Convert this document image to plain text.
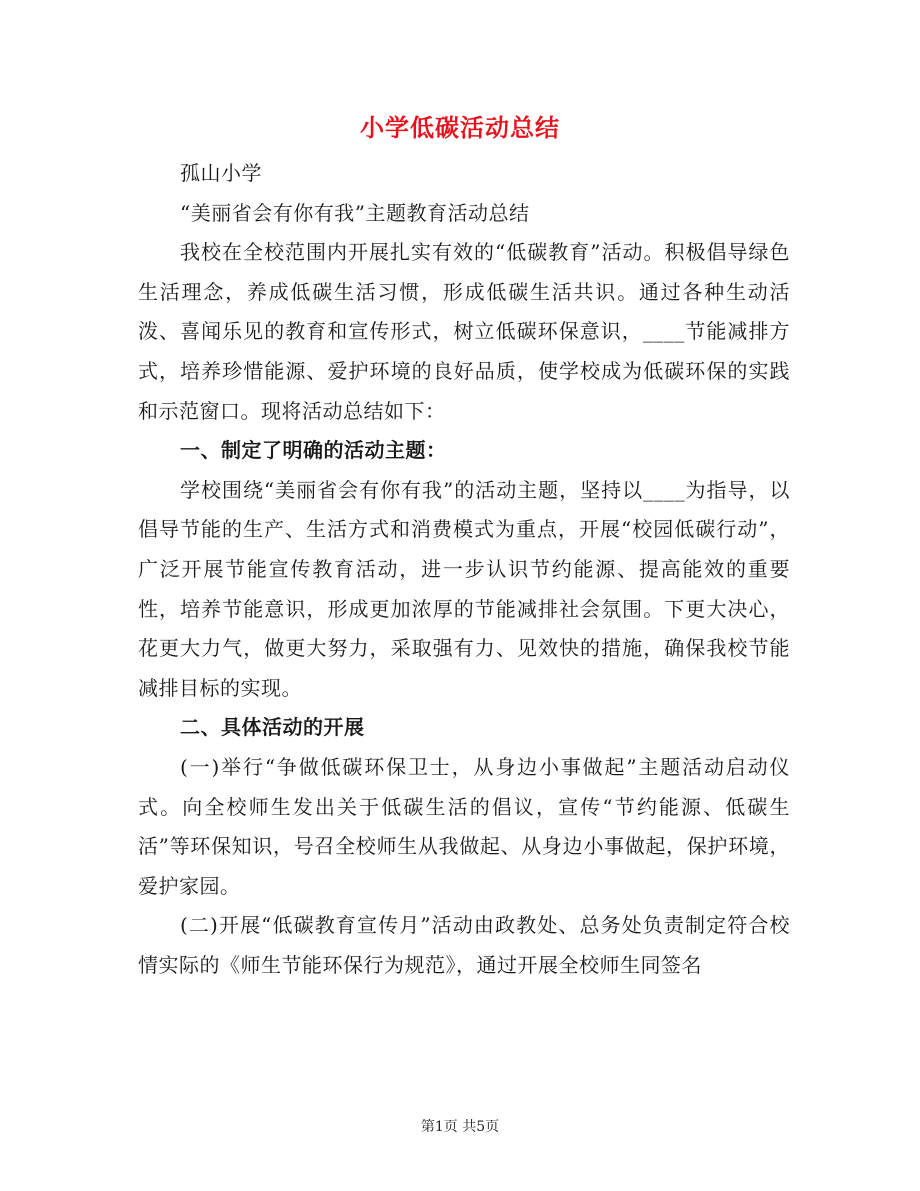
小学低碳活动总结

孤山小学

“美丽省会有你有我”主题教育活动总结

我校在全校范围内开展扎实有效的“低碳教育”活动。积极倡导绿色生活理念，养成低碳生活习惯，形成低碳生活共识。通过各种生动活泼、喜闻乐见的教育和宣传形式，树立低碳环保意识，____节能减排方式，培养珍惜能源、爱护环境的良好品质，使学校成为低碳环保的实践和示范窗口。现将活动总结如下：

一、制定了明确的活动主题：

学校围绕“美丽省会有你有我”的活动主题，坚持以____为指导，以倡导节能的生产、生活方式和消费模式为重点，开展“校园低碳行动”，广泛开展节能宣传教育活动，进一步认识节约能源、提高能效的重要性，培养节能意识，形成更加浓厚的节能减排社会氛围。下更大决心，花更大力气，做更大努力，采取强有力、见效快的措施，确保我校节能减排目标的实现。

二、具体活动的开展

(一)举行“争做低碳环保卫士，从身边小事做起”主题活动启动仪式。向全校师生发出关于低碳生活的倡议，宣传“节约能源、低碳生活”等环保知识，号召全校师生从我做起、从身边小事做起，保护环境，爱护家园。

(二)开展“低碳教育宣传月”活动由政教处、总务处负责制定符合校情实际的《师生节能环保行为规范》，通过开展全校师生同签名

第1页 共5页
